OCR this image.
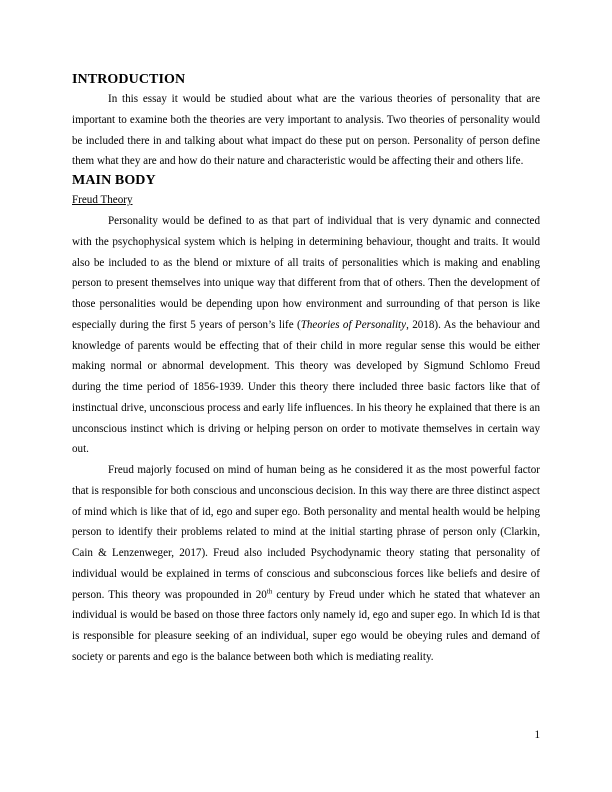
INTRODUCTION

In this essay it would be studied about what are the various theories of personality that are important to examine both the theories are very important to analysis. Two theories of personality would be included there in and talking about what impact do these put on person. Personality of person define them what they are and how do their nature and characteristic would be affecting their and others life.

MAIN BODY
Freud Theory

Personality would be defined to as that part of individual that is very dynamic and connected with the psychophysical system which is helping in determining behaviour, thought and traits. It would also be included to as the blend or mixture of all traits of personalities which is making and enabling person to present themselves into unique way that different from that of others. Then the development of those personalities would be depending upon how environment and surrounding of that person is like especially during the first 5 years of person’s life (Theories of Personality, 2018). As the behaviour and knowledge of parents would be effecting that of their child in more regular sense this would be either making normal or abnormal development. This theory was developed by Sigmund Schlomo Freud during the time period of 1856-1939. Under this theory there included three basic factors like that of instinctual drive, unconscious process and early life influences. In his theory he explained that there is an unconscious instinct which is driving or helping person on order to motivate themselves in certain way out.

Freud majorly focused on mind of human being as he considered it as the most powerful factor that is responsible for both conscious and unconscious decision. In this way there are three distinct aspect of mind which is like that of id, ego and super ego. Both personality and mental health would be helping person to identify their problems related to mind at the initial starting phrase of person only (Clarkin, Cain & Lenzenweger, 2017). Freud also included Psychodynamic theory stating that personality of individual would be explained in terms of conscious and subconscious forces like beliefs and desire of person. This theory was propounded in 20th century by Freud under which he stated that whatever an individual is would be based on those three factors only namely id, ego and super ego. In which Id is that is responsible for pleasure seeking of an individual, super ego would be obeying rules and demand of society or parents and ego is the balance between both which is mediating reality.

1
